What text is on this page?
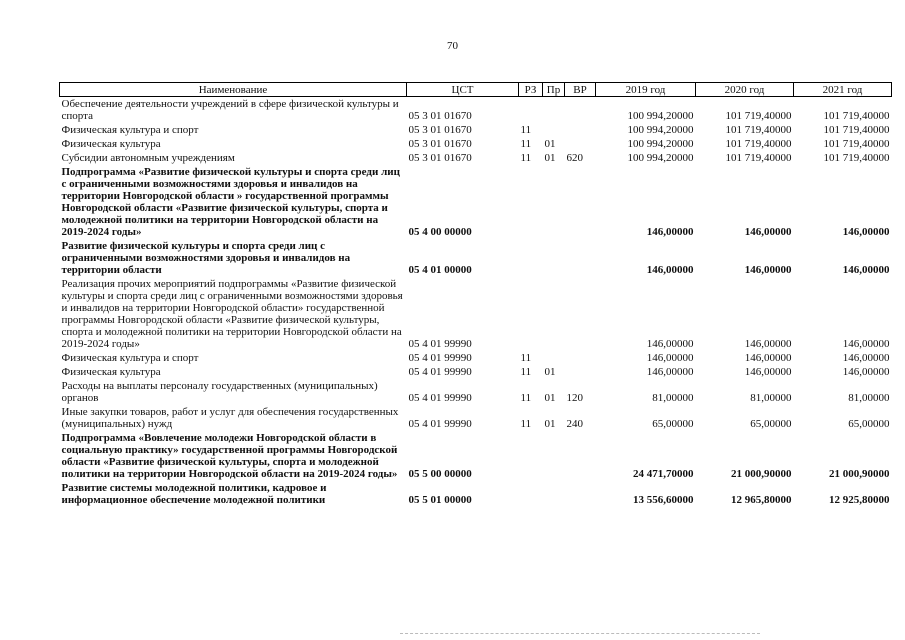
70
Наименование	ЦСТ	РЗ	Пр	ВР	2019 год	2020 год	2021 год
Обеспечение деятельности учреждений в сфере физической культуры и спорта	05 3 01 01670				100 994,20000	101 719,40000	101 719,40000
Физическая культура и спорт	05 3 01 01670	11			100 994,20000	101 719,40000	101 719,40000
Физическая культура	05 3 01 01670	11	01		100 994,20000	101 719,40000	101 719,40000
Субсидии автономным учреждениям	05 3 01 01670	11	01	620	100 994,20000	101 719,40000	101 719,40000
Подпрограмма «Развитие физической культуры и спорта среди лиц с ограниченными возможностями здоровья и инвалидов на территории Новгородской области » государственной программы Новгородской области «Развитие физической культуры, спорта и молодежной политики на территории Новгородской области на 2019-2024 годы»	05 4 00 00000				146,00000	146,00000	146,00000
Развитие физической культуры и спорта среди лиц с ограниченными возможностями здоровья и инвалидов на территории области	05 4 01 00000				146,00000	146,00000	146,00000
Реализация прочих мероприятий подпрограммы «Развитие физической культуры и спорта среди лиц с ограниченными возможностями здоровья и инвалидов на территории Новгородской области» государственной программы Новгородской области «Развитие физической культуры, спорта и молодежной политики на территории Новгородской области на 2019-2024 годы»	05 4 01 99990				146,00000	146,00000	146,00000
Физическая культура и спорт	05 4 01 99990	11			146,00000	146,00000	146,00000
Физическая культура	05 4 01 99990	11	01		146,00000	146,00000	146,00000
Расходы на выплаты персоналу государственных (муниципальных) органов	05 4 01 99990	11	01	120	81,00000	81,00000	81,00000
Иные закупки товаров, работ и услуг для обеспечения государственных (муниципальных) нужд	05 4 01 99990	11	01	240	65,00000	65,00000	65,00000
Подпрограмма «Вовлечение молодежи Новгородской области в социальную практику» государственной программы Новгородской области «Развитие физической культуры, спорта и молодежной политики на территории Новгородской области на 2019-2024 годы»	05 5 00 00000				24 471,70000	21 000,90000	21 000,90000
Развитие системы молодежной политики, кадровое и информационное обеспечение молодежной политики	05 5 01 00000				13 556,60000	12 965,80000	12 925,80000
